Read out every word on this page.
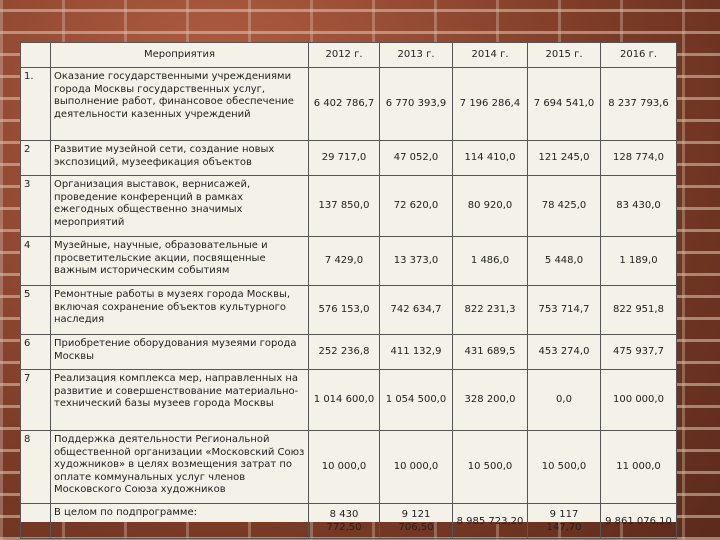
	Мероприятия	2012 г.	2013 г.	2014 г.	2015 г.	2016 г.
1.	Оказание государственными учреждениями города Москвы государственных услуг, выполнение работ, финансовое обеспечение деятельности казенных учреждений	6 402 786,7	6 770 393,9	7 196 286,4	7 694 541,0	8 237 793,6
2	Развитие музейной сети, создание новых экспозиций, музеефикация объектов	29 717,0	47 052,0	114 410,0	121 245,0	128 774,0
3	Организация выставок, вернисажей, проведение конференций в рамках ежегодных общественно значимых мероприятий	137 850,0	72 620,0	80 920,0	78 425,0	83 430,0
4	Музейные, научные, образовательные и просветительские акции, посвященные важным историческим событиям	7 429,0	13 373,0	1 486,0	5 448,0	1 189,0
5	Ремонтные работы в музеях города Москвы, включая сохранение объектов культурного наследия	576 153,0	742 634,7	822 231,3	753 714,7	822 951,8
6	Приобретение оборудования музеями города Москвы	252 236,8	411 132,9	431 689,5	453 274,0	475 937,7
7	Реализация комплекса мер, направленных на развитие и совершенствование материально-технический базы музеев города Москвы	1 014 600,0	1 054 500,0	328 200,0	0,0	100 000,0
8	Поддержка деятельности Региональной общественной организации «Московский Союз художников» в целях возмещения затрат по оплате коммунальных услуг членов Московского Союза художников	10 000,0	10 000,0	10 500,0	10 500,0	11 000,0
	В целом по подпрограмме:	8 430 772,50	9 121 706,50	8 985 723,20	9 117 147,70	9 861 076,10
